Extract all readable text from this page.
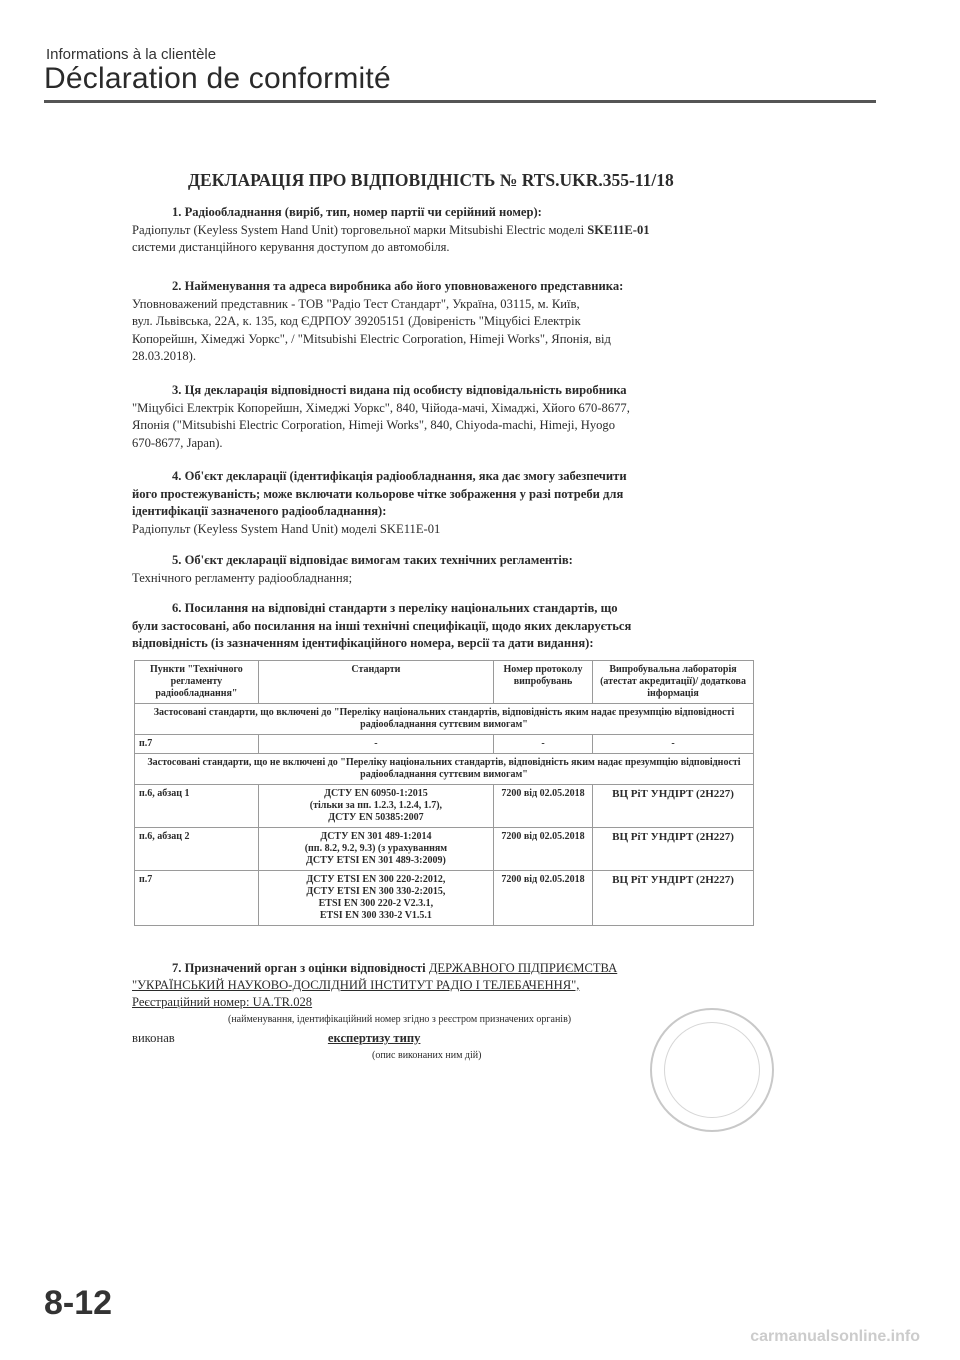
Informations à la clientèle
Déclaration de conformité
ДЕКЛАРАЦІЯ ПРО ВІДПОВІДНІСТЬ № RTS.UKR.355-11/18
1. Радіообладнання (виріб, тип, номер партії чи серійний номер):
Радіопульт (Keyless System Hand Unit) торговельної марки Mitsubishi Electric моделі SKE11E-01
системи дистанційного керування доступом до автомобіля.
2. Найменування та адреса виробника або його уповноваженого представника:
Уповноважений представник - ТОВ "Радіо Тест Стандарт", Україна, 03115, м. Київ,
вул. Львівська, 22А, к. 135, код ЄДРПОУ 39205151 (Довіреність "Міцубісі Електрік
Копорейшн, Хімеджі Уоркс", / "Mitsubishi Electric Corporation, Himeji Works", Японія, від
28.03.2018).
3. Ця декларація відповідності видана під особисту відповідальність виробника
"Міцубісі Електрік Копорейшн, Хімеджі Уоркс", 840, Чійода-мачі, Хімаджі, Хйого 670-8677,
Японія ("Mitsubishi Electric Corporation, Himeji Works", 840, Chiyoda-machi, Himeji, Hyogo
670-8677, Japan).
4. Об'єкт декларації (ідентифікація радіообладнання, яка дає змогу забезпечити
його простежуваність; може включати кольорове чітке зображення у разі потреби для
ідентифікації зазначеного радіообладнання):
Радіопульт (Keyless System Hand Unit) моделі SKE11E-01
5. Об'єкт декларації відповідає вимогам таких технічних регламентів:
Технічного регламенту радіообладнання;
6. Посилання на відповідні стандарти з переліку національних стандартів, що
були застосовані, або посилання на інші технічні специфікації, щодо яких декларується
відповідність (із зазначенням ідентифікаційного номера, версії та дати видання):
Пункти "Технічного регламенту радіообладнання"	Стандарти	Номер протоколу випробувань	Випробувальна лабораторія (атестат акредитації)/ додаткова інформація
Застосовані стандарти, що включені до "Переліку національних стандартів, відповідність яким надає презумпцію відповідності радіообладнання суттєвим вимогам"			
п.7	-	-	-
Застосовані стандарти, що не включені до "Переліку національних стандартів, відповідність яким надає презумпцію відповідності радіообладнання суттєвим вимогам"			
п.6, абзац 1	ДСТУ EN 60950-1:2015
(тільки за пп. 1.2.3, 1.2.4, 1.7),
ДСТУ EN 50385:2007	7200 від 02.05.2018	ВЦ РіТ УНДІРТ (2Н227)
п.6, абзац 2	ДСТУ EN 301 489-1:2014
(пп. 8.2, 9.2, 9.3) (з урахуванням
ДСТУ ETSI EN 301 489-3:2009)	7200 від 02.05.2018	ВЦ РіТ УНДІРТ (2Н227)
п.7	ДСТУ ETSI EN 300 220-2:2012,
ДСТУ ETSI EN 300 330-2:2015,
ETSI EN 300 220-2 V2.3.1,
ETSI EN 300 330-2 V1.5.1	7200 від 02.05.2018	ВЦ РіТ УНДІРТ (2Н227)
7. Призначений орган з оцінки відповідності ДЕРЖАВНОГО ПІДПРИЄМСТВА
"УКРАЇНСЬКИЙ НАУКОВО-ДОСЛІДНИЙ ІНСТИТУТ РАДІО І ТЕЛЕБАЧЕННЯ",
Реєстраційний номер: UA.TR.028
(найменування, ідентифікаційний номер згідно з реєстром призначених органів)
виконав	експертизу типу
(опис виконаних ним дій)
8-12
carmanualsonline.info
